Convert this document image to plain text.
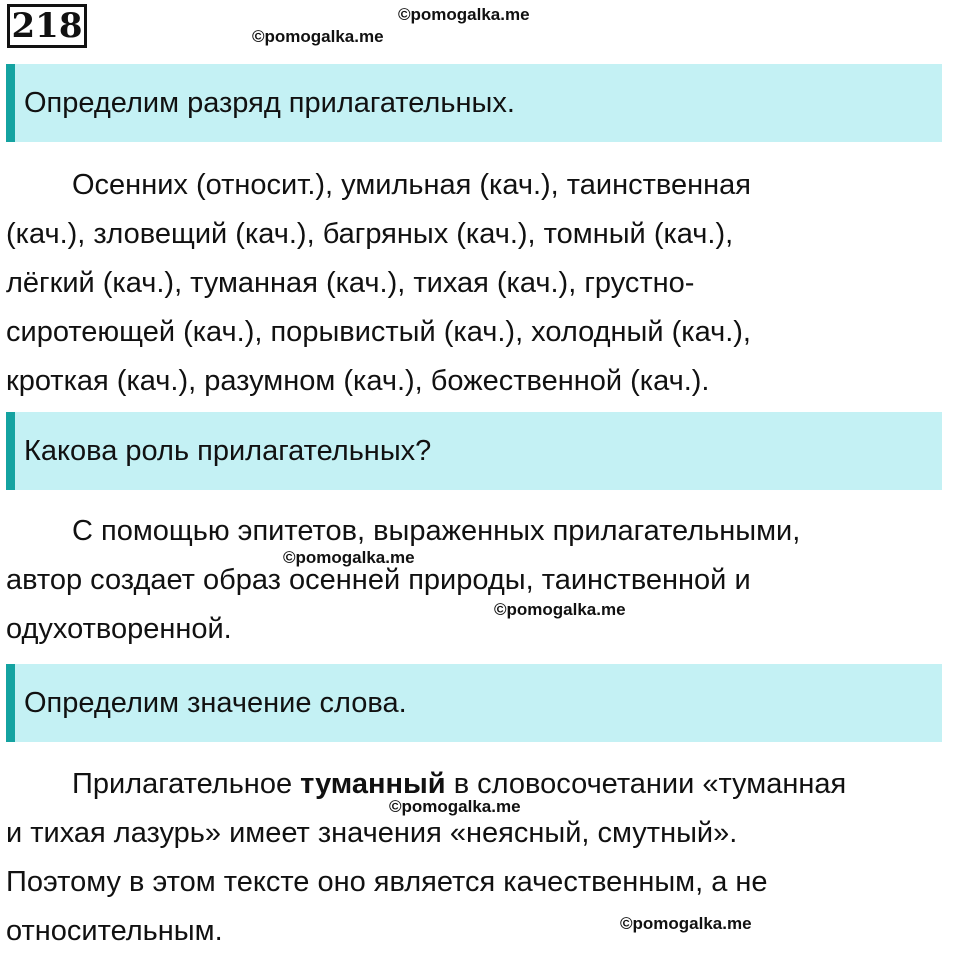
218	©pomogalka.me
©pomogalka.me
Определим разряд прилагательных.
Осенних (относит.), умильная (кач.), таинственная
(кач.), зловещий (кач.), багряных (кач.), томный (кач.),
лёгкий (кач.), туманная (кач.), тихая (кач.), грустно-
сиротеющей (кач.), порывистый (кач.), холодный (кач.),
кроткая (кач.), разумном (кач.), божественной (кач.).
Какова роль прилагательных?
С помощью эпитетов, выраженных прилагательными,
автор создает образ осенней природы, таинственной и
одухотворенной.
©pomogalka.me
©pomogalka.me
Определим значение слова.
Прилагательное туманный в словосочетании «туманная
и тихая лазурь» имеет значения «неясный, смутный».
Поэтому в этом тексте оно является качественным, а не
относительным.
©pomogalka.me
©pomogalka.me
